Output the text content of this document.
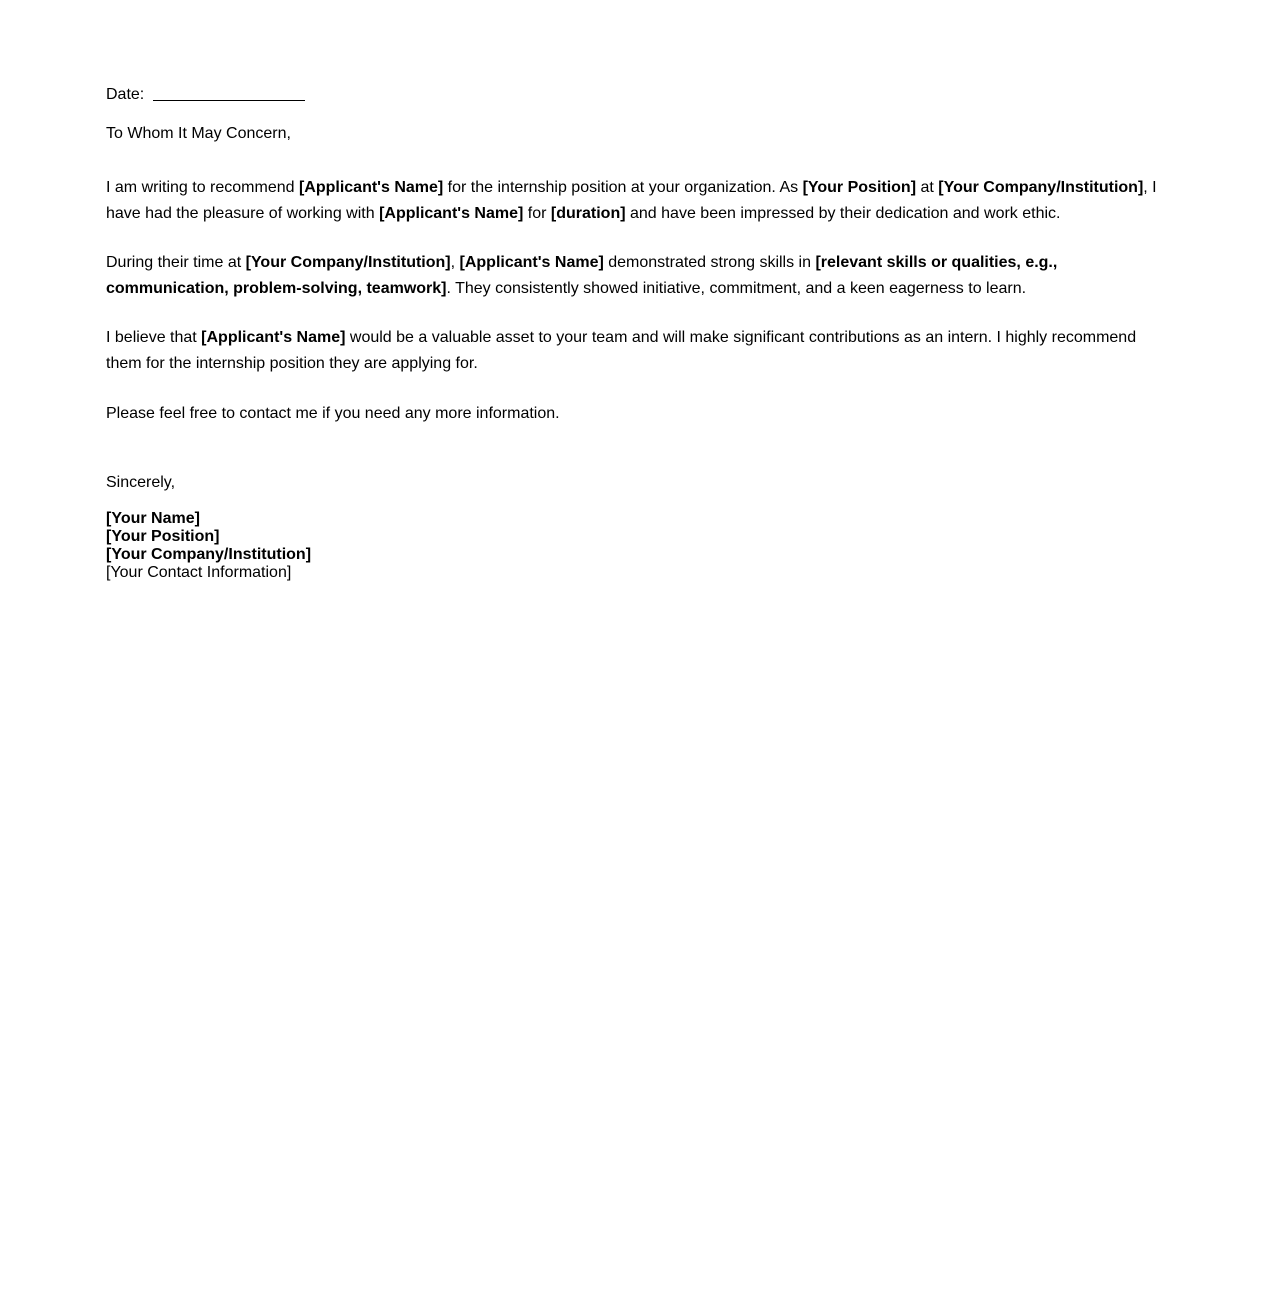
Date:
To Whom It May Concern,

I am writing to recommend [Applicant's Name] for the internship position at your organization. As [Your Position] at [Your Company/Institution], I have had the pleasure of working with [Applicant's Name] for [duration] and have been impressed by their dedication and work ethic.

During their time at [Your Company/Institution], [Applicant's Name] demonstrated strong skills in [relevant skills or qualities, e.g., communication, problem-solving, teamwork]. They consistently showed initiative, commitment, and a keen eagerness to learn.

I believe that [Applicant's Name] would be a valuable asset to your team and will make significant contributions as an intern. I highly recommend them for the internship position they are applying for.

Please feel free to contact me if you need any more information.

Sincerely,
[Your Name]
[Your Position]
[Your Company/Institution]
[Your Contact Information]
